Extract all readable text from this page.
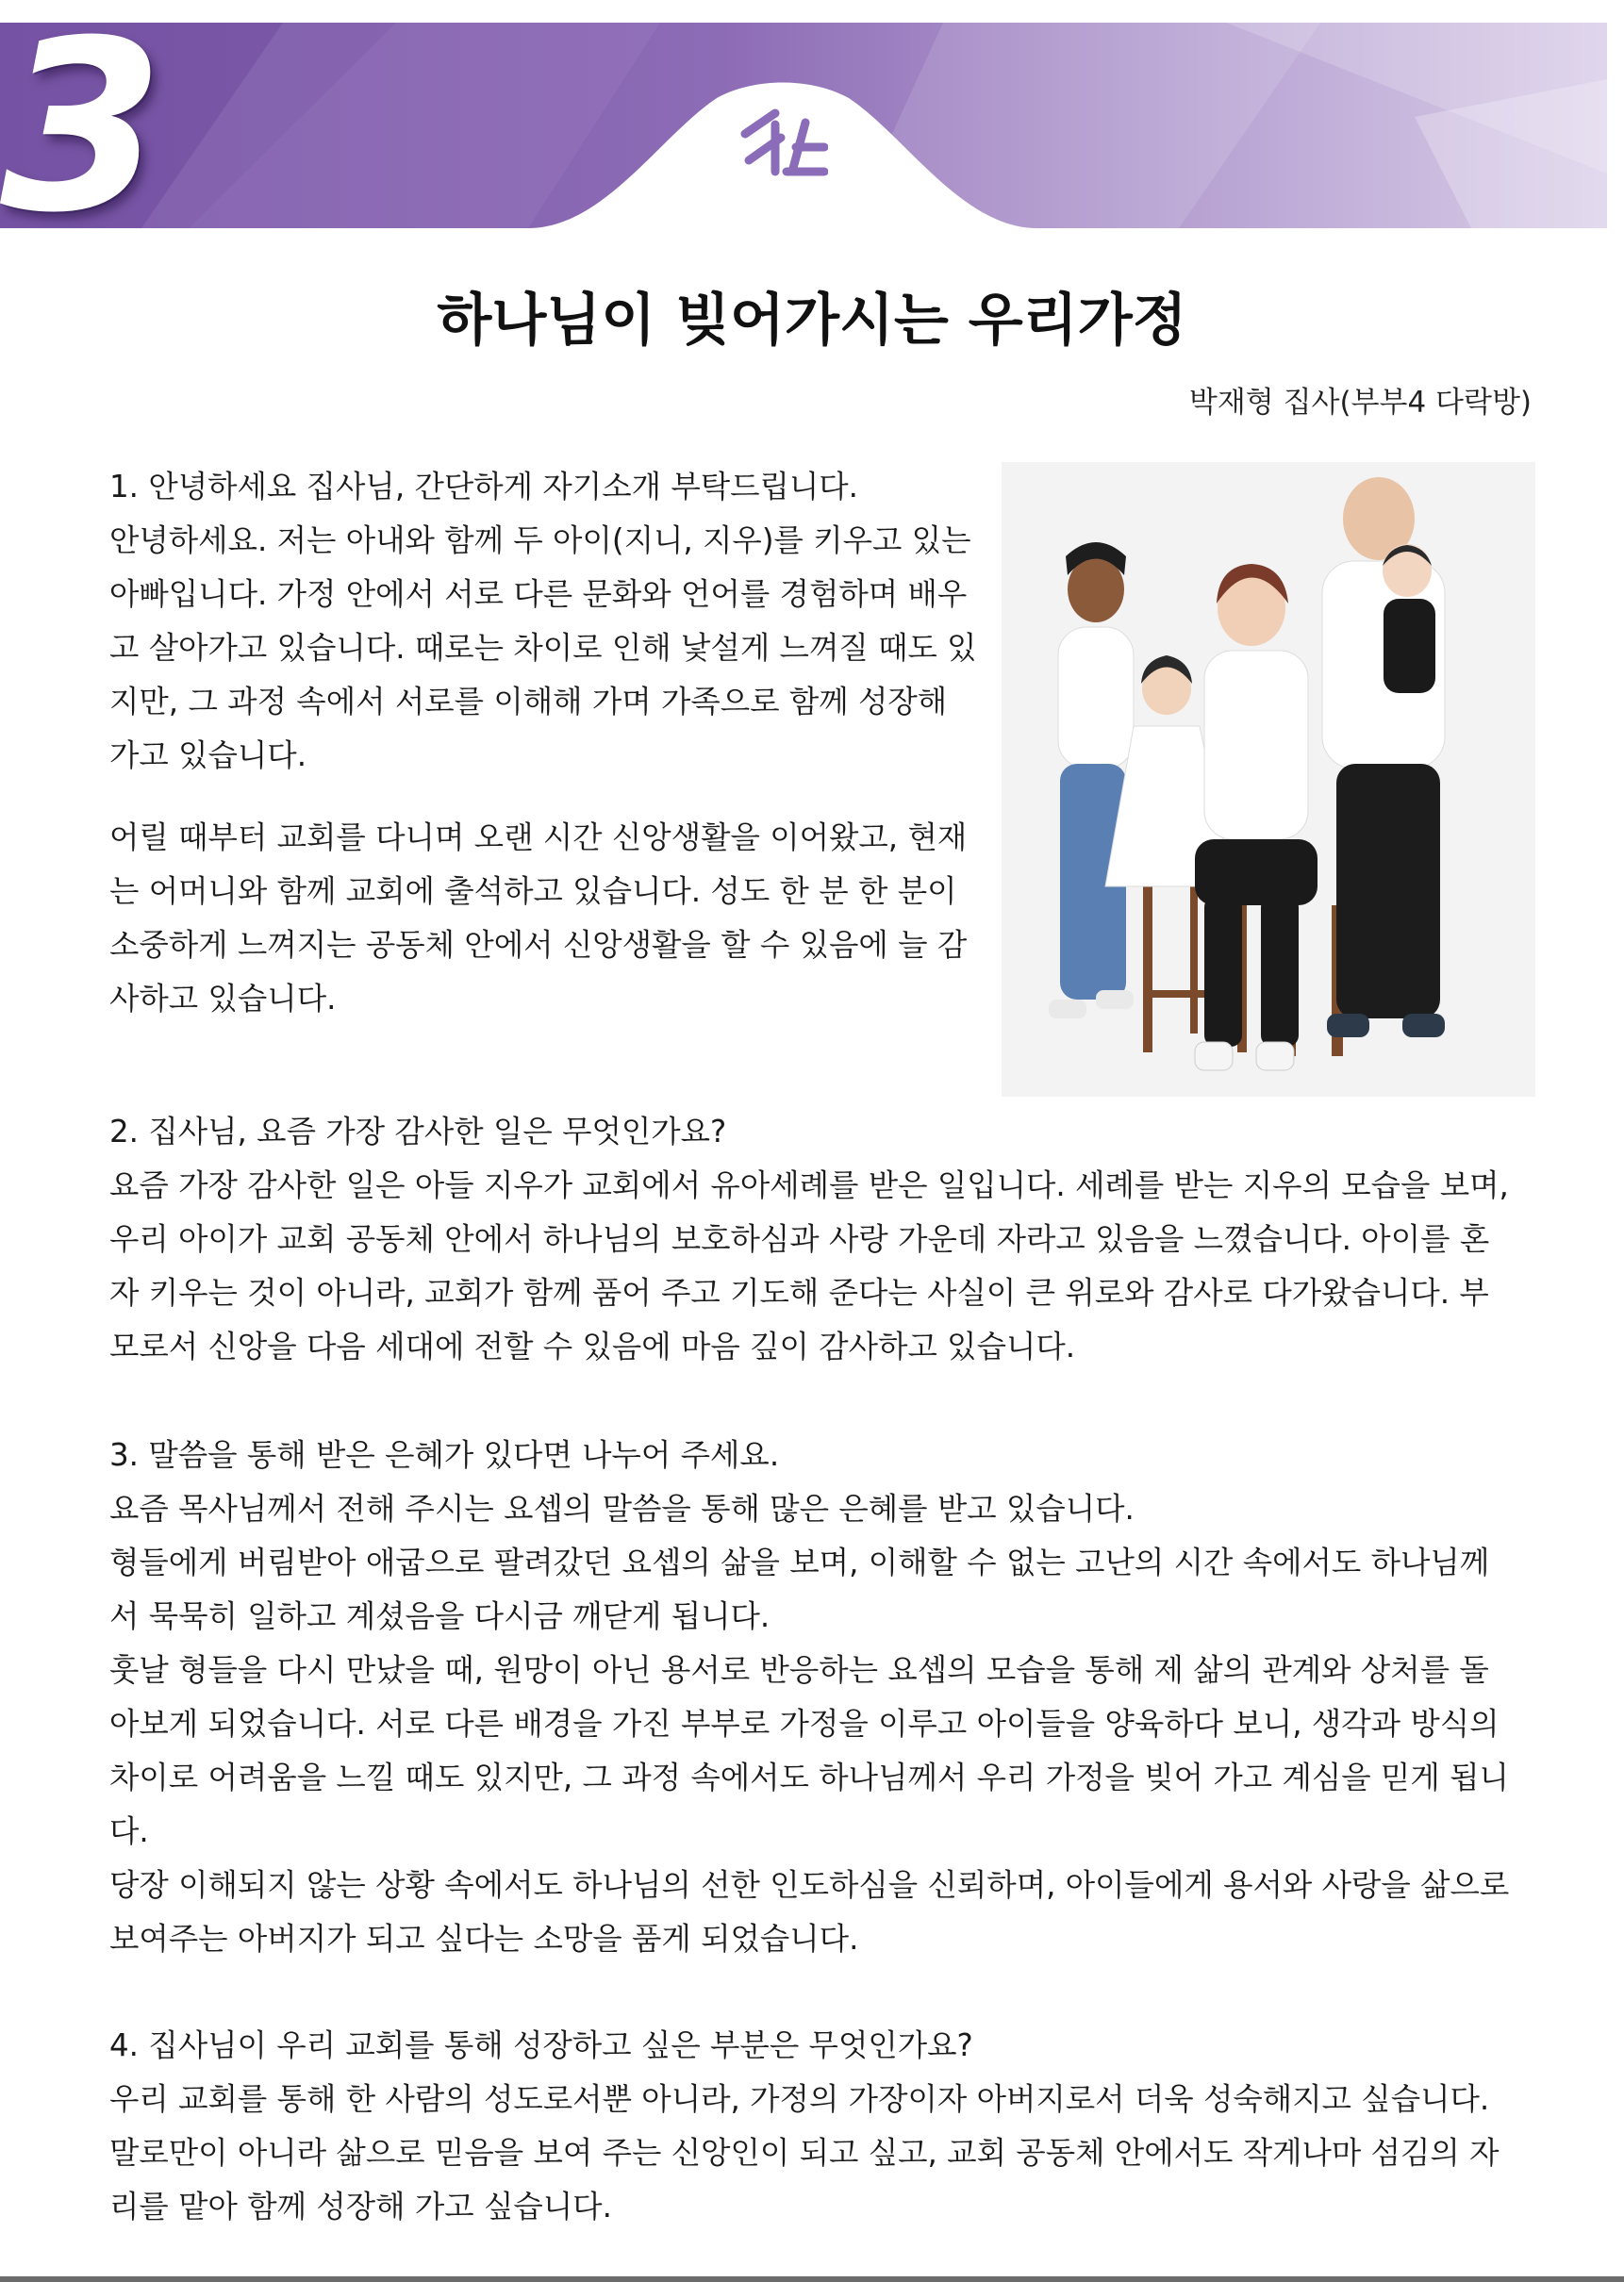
3
하나님이 빚어가시는 우리가정
박재형 집사(부부4 다락방)

1. 안녕하세요 집사님, 간단하게 자기소개 부탁드립니다.

안녕하세요. 저는 아내와 함께 두 아이(지니, 지우)를 키우고 있는 아빠입니다. 가정 안에서 서로 다른 문화와 언어를 경험하며 배우고 살아가고 있습니다. 때로는 차이로 인해 낯설게 느껴질 때도 있지만, 그 과정 속에서 서로를 이해해 가며 가족으로 함께 성장해 가고 있습니다.

어릴 때부터 교회를 다니며 오랜 시간 신앙생활을 이어왔고, 현재는 어머니와 함께 교회에 출석하고 있습니다. 성도 한 분 한 분이 소중하게 느껴지는 공동체 안에서 신앙생활을 할 수 있음에 늘 감사하고 있습니다.

2. 집사님, 요즘 가장 감사한 일은 무엇인가요?

요즘 가장 감사한 일은 아들 지우가 교회에서 유아세례를 받은 일입니다. 세례를 받는 지우의 모습을 보며, 우리 아이가 교회 공동체 안에서 하나님의 보호하심과 사랑 가운데 자라고 있음을 느꼈습니다. 아이를 혼자 키우는 것이 아니라, 교회가 함께 품어 주고 기도해 준다는 사실이 큰 위로와 감사로 다가왔습니다. 부모로서 신앙을 다음 세대에 전할 수 있음에 마음 깊이 감사하고 있습니다.

3. 말씀을 통해 받은 은혜가 있다면 나누어 주세요.

요즘 목사님께서 전해 주시는 요셉의 말씀을 통해 많은 은혜를 받고 있습니다.

형들에게 버림받아 애굽으로 팔려갔던 요셉의 삶을 보며, 이해할 수 없는 고난의 시간 속에서도 하나님께서 묵묵히 일하고 계셨음을 다시금 깨닫게 됩니다.

훗날 형들을 다시 만났을 때, 원망이 아닌 용서로 반응하는 요셉의 모습을 통해 제 삶의 관계와 상처를 돌아보게 되었습니다. 서로 다른 배경을 가진 부부로 가정을 이루고 아이들을 양육하다 보니, 생각과 방식의 차이로 어려움을 느낄 때도 있지만, 그 과정 속에서도 하나님께서 우리 가정을 빚어 가고 계심을 믿게 됩니다.

당장 이해되지 않는 상황 속에서도 하나님의 선한 인도하심을 신뢰하며, 아이들에게 용서와 사랑을 삶으로 보여주는 아버지가 되고 싶다는 소망을 품게 되었습니다.

4. 집사님이 우리 교회를 통해 성장하고 싶은 부분은 무엇인가요?

우리 교회를 통해 한 사람의 성도로서뿐 아니라, 가정의 가장이자 아버지로서 더욱 성숙해지고 싶습니다. 말로만이 아니라 삶으로 믿음을 보여 주는 신앙인이 되고 싶고, 교회 공동체 안에서도 작게나마 섬김의 자리를 맡아 함께 성장해 가고 싶습니다.
